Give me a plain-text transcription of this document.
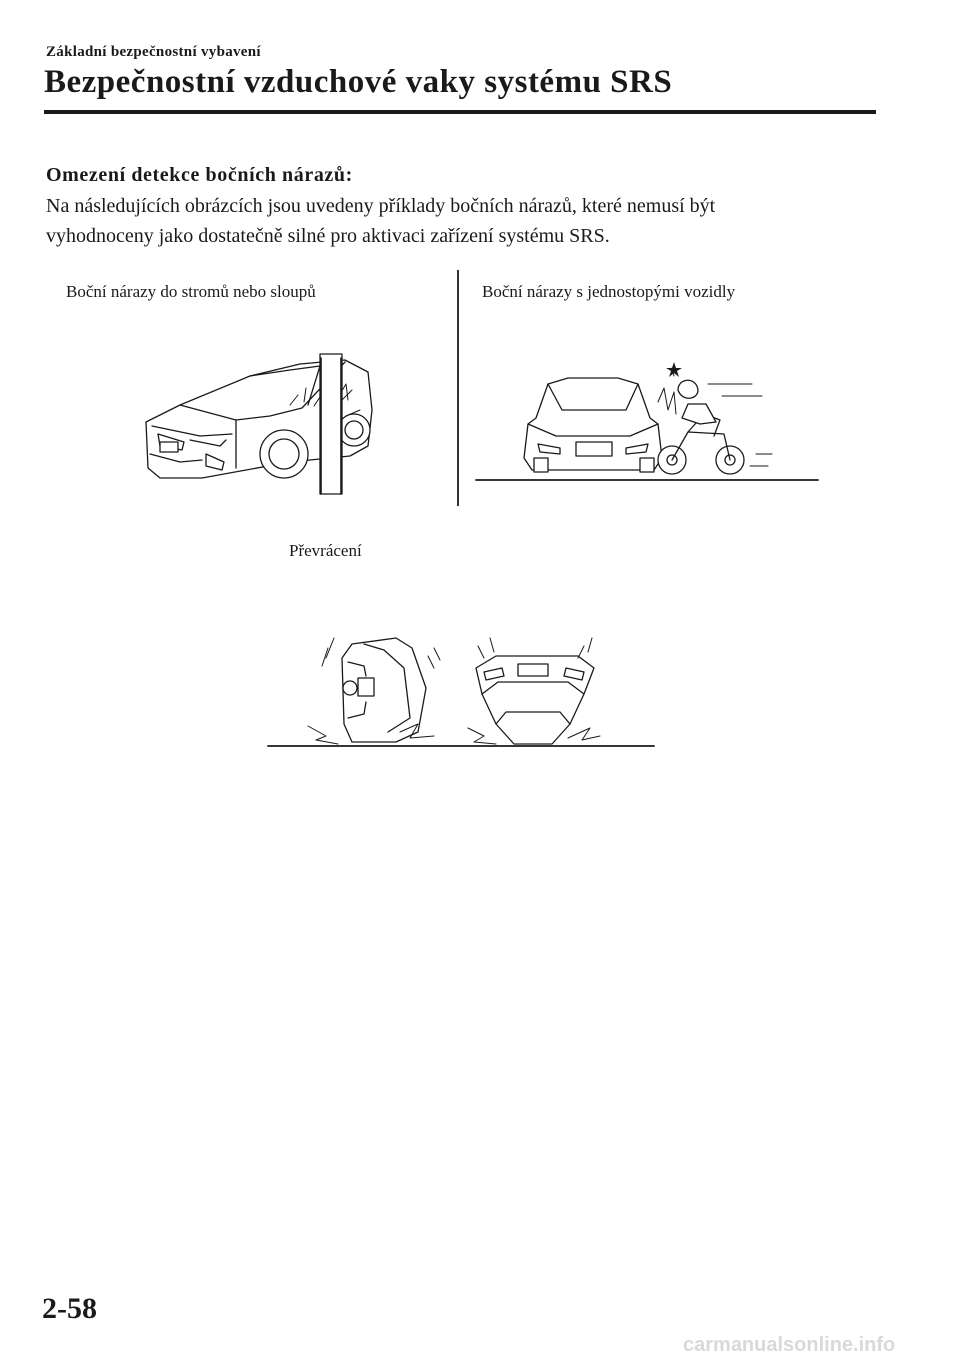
Základní bezpečnostní vybavení
Bezpečnostní vzduchové vaky systému SRS
Omezení detekce bočních nárazů:
Na následujících obrázcích jsou uvedeny příklady bočních nárazů, které nemusí být vyhodnoceny jako dostatečně silné pro aktivaci zařízení systému SRS.
Boční nárazy do stromů nebo sloupů	Boční nárazy s jednostopými vozidly
Převrácení
2-58
carmanualsonline.info
